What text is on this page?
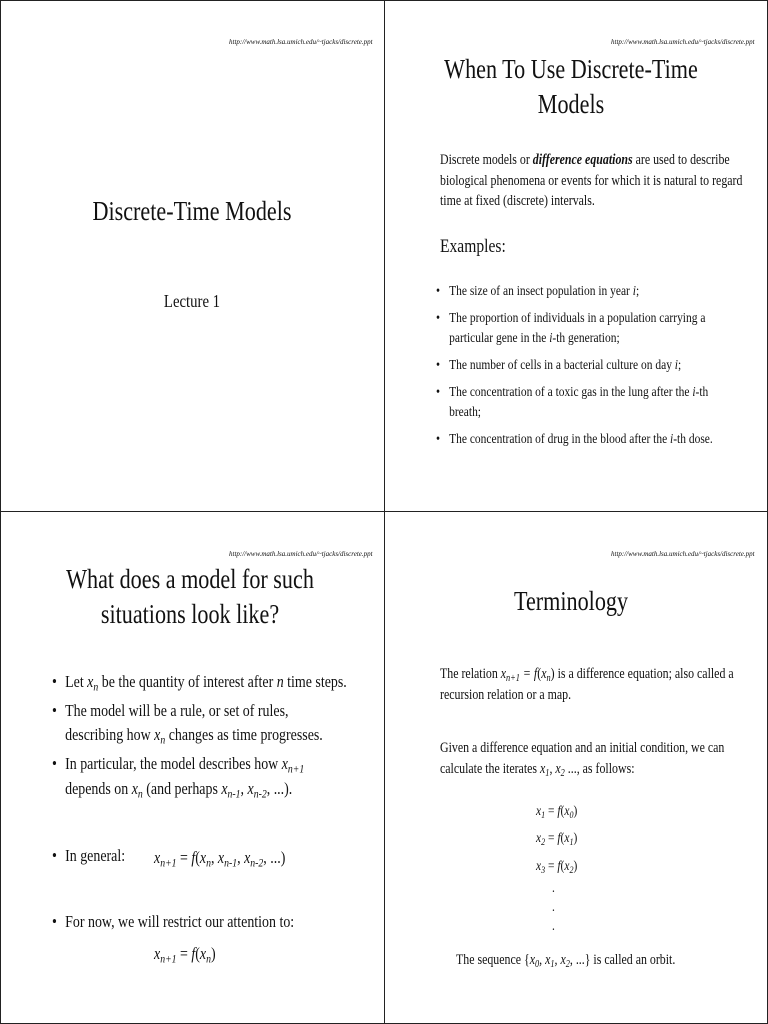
http://www.math.lsa.umich.edu/~tjacks/discrete.ppt
Discrete-Time Models
Lecture 1
http://www.math.lsa.umich.edu/~tjacks/discrete.ppt
When To Use Discrete-Time
Models
Discrete models or difference equations are used to describe
biological phenomena or events for which it is natural to regard
time at fixed (discrete) intervals.
Examples:
• The size of an insect population in year i;
• The proportion of individuals in a population carrying a
particular gene in the i-th generation;
• The number of cells in a bacterial culture on day i;
• The concentration of a toxic gas in the lung after the i-th
breath;
• The concentration of drug in the blood after the i-th dose.
http://www.math.lsa.umich.edu/~tjacks/discrete.ppt
What does a model for such
situations look like?
• Let $x_n$ be the quantity of interest after n time steps.
• The model will be a rule, or set of rules,
describing how $x_n$ changes as time progresses.
• In particular, the model describes how $x_{n+1}$
depends on $x_n$ (and perhaps $x_{n-1}$, $x_{n-2}$, ...).
• In general:	$x_{n+1} = f(x_n$, $x_{n-1}$, $x_{n-2}$, ...)
• For now, we will restrict our attention to:
$x_{n+1} = f(x_n)$
http://www.math.lsa.umich.edu/~tjacks/discrete.ppt
Terminology
The relation $x_{n+1} = f(x_n)$ is a difference equation; also called a
recursion relation or a map.
Given a difference equation and an initial condition, we can
calculate the iterates $x_1$, $x_2$ ..., as follows:
$x_1 = f(x_0)$
$x_2 = f(x_1)$
$x_3 = f(x_2)$
.
.
.
The sequence {$x_0$, $x_1$, $x_2$, ...} is called an orbit.
